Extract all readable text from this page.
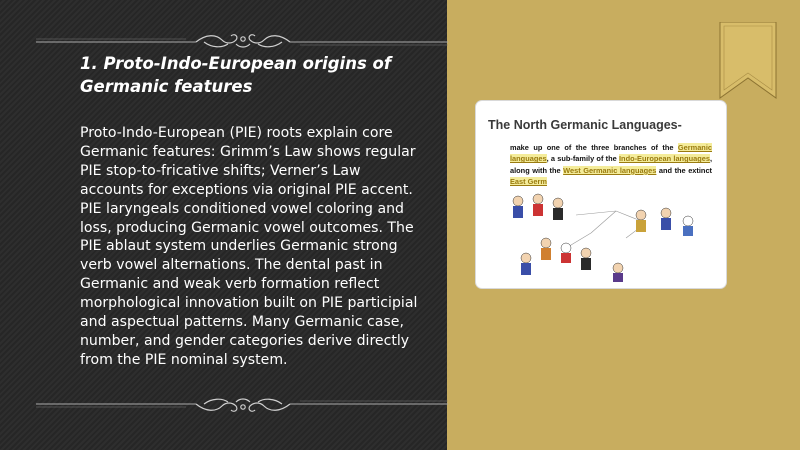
1. Proto-Indo-European origins of Germanic features

Proto-Indo-European (PIE) roots explain core Germanic features: Grimm’s Law shows regular PIE stop-to-fricative shifts; Verner’s Law accounts for exceptions via original PIE accent. PIE laryngeals conditioned vowel coloring and loss, producing Germanic vowel outcomes. The PIE ablaut system underlies Germanic strong verb vowel alternations. The dental past in Germanic and weak verb formation reflect morphological innovation built on PIE participial and aspectual patterns. Many Germanic case, number, and gender categories derive directly from the PIE nominal system.

The North Germanic Languages-

make up one of the three branches of the Germanic languages, a sub-family of the Indo-European languages, along with the West Germanic languages and the extinct East Germ
